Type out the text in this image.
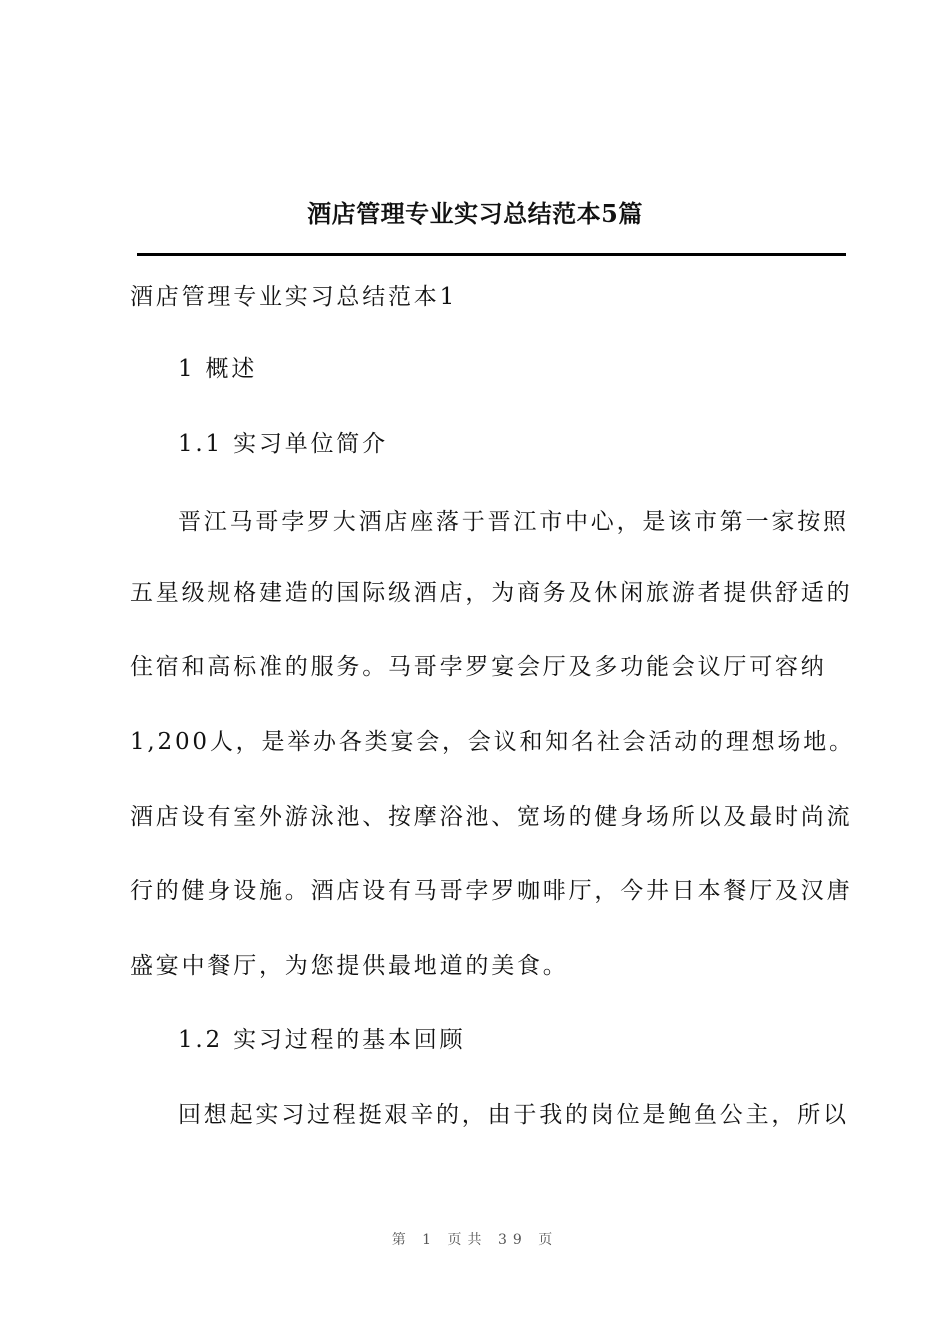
酒店管理专业实习总结范本5篇
酒店管理专业实习总结范本1
1 概述
1.1 实习单位简介
晋江马哥孛罗大酒店座落于晋江市中心，是该市第一家按照
五星级规格建造的国际级酒店，为商务及休闲旅游者提供舒适的
住宿和高标准的服务。马哥孛罗宴会厅及多功能会议厅可容纳
1,200人，是举办各类宴会，会议和知名社会活动的理想场地。
酒店设有室外游泳池、按摩浴池、宽场的健身场所以及最时尚流
行的健身设施。酒店设有马哥孛罗咖啡厅，今井日本餐厅及汉唐
盛宴中餐厅，为您提供最地道的美食。
1.2 实习过程的基本回顾
回想起实习过程挺艰辛的，由于我的岗位是鲍鱼公主，所以
第 1 页共 39 页
